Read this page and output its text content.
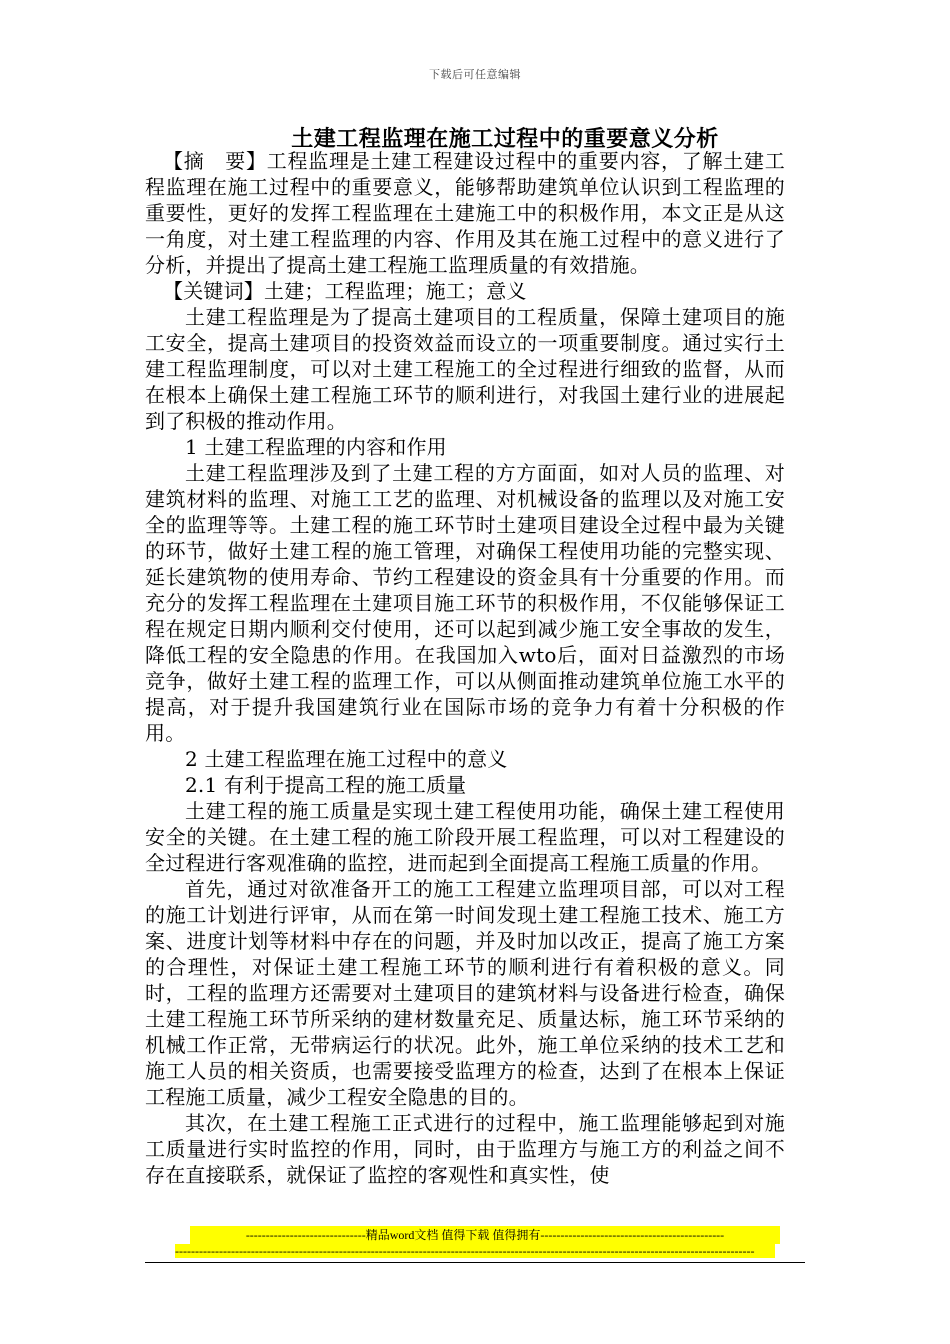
下载后可任意编辑
土建工程监理在施工过程中的重要意义分析

【摘　要】工程监理是土建工程建设过程中的重要内容，了解土建工程监理在施工过程中的重要意义，能够帮助建筑单位认识到工程监理的重要性，更好的发挥工程监理在土建施工中的积极作用，本文正是从这一角度，对土建工程监理的内容、作用及其在施工过程中的意义进行了分析，并提出了提高土建工程施工监理质量的有效措施。

【关键词】土建；工程监理；施工；意义

土建工程监理是为了提高土建项目的工程质量，保障土建项目的施工安全，提高土建项目的投资效益而设立的一项重要制度。通过实行土建工程监理制度，可以对土建工程施工的全过程进行细致的监督，从而在根本上确保土建工程施工环节的顺利进行，对我国土建行业的进展起到了积极的推动作用。

1 土建工程监理的内容和作用

土建工程监理涉及到了土建工程的方方面面，如对人员的监理、对建筑材料的监理、对施工工艺的监理、对机械设备的监理以及对施工安全的监理等等。土建工程的施工环节时土建项目建设全过程中最为关键的环节，做好土建工程的施工管理，对确保工程使用功能的完整实现、延长建筑物的使用寿命、节约工程建设的资金具有十分重要的作用。而充分的发挥工程监理在土建项目施工环节的积极作用，不仅能够保证工程在规定日期内顺利交付使用，还可以起到减少施工安全事故的发生，降低工程的安全隐患的作用。在我国加入wto后，面对日益激烈的市场竞争，做好土建工程的监理工作，可以从侧面推动建筑单位施工水平的提高，对于提升我国建筑行业在国际市场的竞争力有着十分积极的作用。

2 土建工程监理在施工过程中的意义

2.1 有利于提高工程的施工质量

土建工程的施工质量是实现土建工程使用功能，确保土建工程使用安全的关键。在土建工程的施工阶段开展工程监理，可以对工程建设的全过程进行客观准确的监控，进而起到全面提高工程施工质量的作用。

首先，通过对欲准备开工的施工工程建立监理项目部，可以对工程的施工计划进行评审，从而在第一时间发现土建工程施工技术、施工方案、进度计划等材料中存在的问题，并及时加以改正，提高了施工方案的合理性，对保证土建工程施工环节的顺利进行有着积极的意义。同时，工程的监理方还需要对土建项目的建筑材料与设备进行检查，确保土建工程施工环节所采纳的建材数量充足、质量达标，施工环节采纳的机械工作正常，无带病运行的状况。此外，施工单位采纳的技术工艺和施工人员的相关资质，也需要接受监理方的检查，达到了在根本上保证工程施工质量，减少工程安全隐患的目的。

其次，在土建工程施工正式进行的过程中，施工监理能够起到对施工质量进行实时监控的作用，同时，由于监理方与施工方的利益之间不存在直接联系，就保证了监控的客观性和真实性，使

------------------------------精品word文档 值得下载 值得拥有----------------------------------------------
-------------------------------------------------------------------------------------------------------------------------------------------------
